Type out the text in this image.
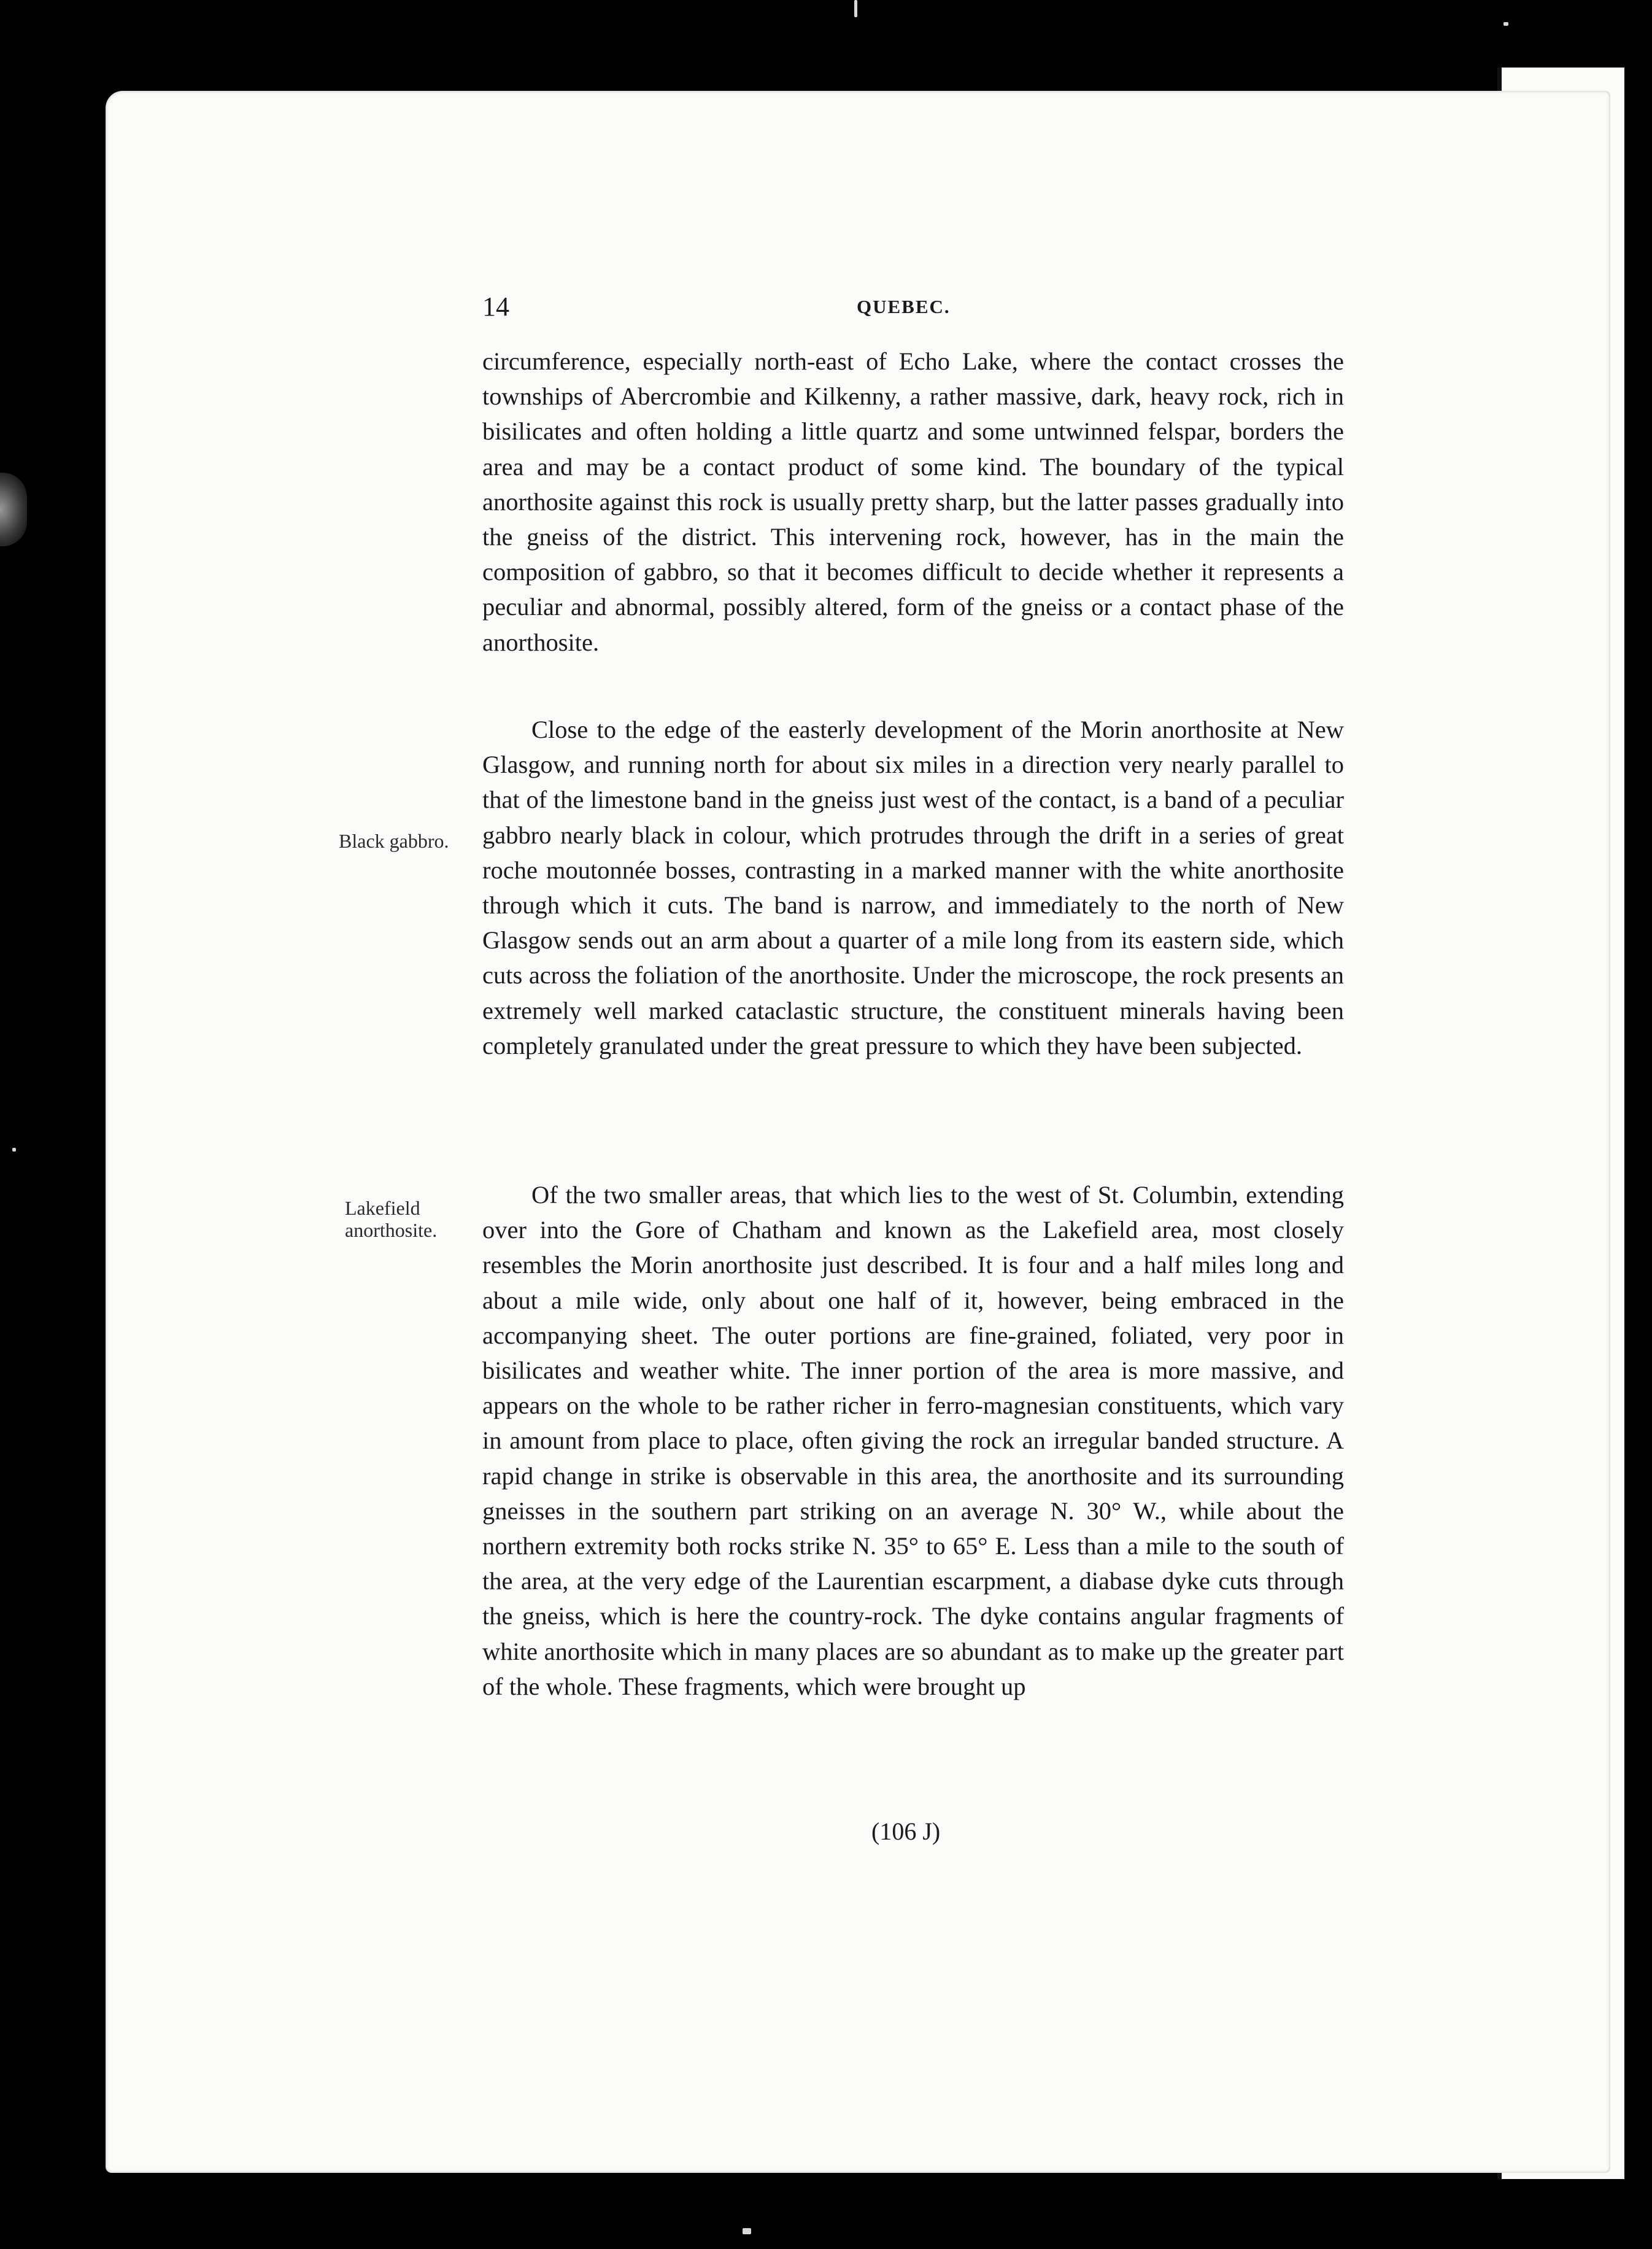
14	QUEBEC.

circumference, especially north-east of Echo Lake, where the contact crosses the townships of Abercrombie and Kilkenny, a rather massive, dark, heavy rock, rich in bisilicates and often holding a little quartz and some untwinned felspar, borders the area and may be a contact product of some kind. The boundary of the typical anorthosite against this rock is usually pretty sharp, but the latter passes gradually into the gneiss of the district. This intervening rock, however, has in the main the composition of gabbro, so that it becomes difficult to decide whether it represents a peculiar and abnormal, possibly altered, form of the gneiss or a contact phase of the anorthosite.

Black gabbro.

Close to the edge of the easterly development of the Morin anorthosite at New Glasgow, and running north for about six miles in a direction very nearly parallel to that of the limestone band in the gneiss just west of the contact, is a band of a peculiar gabbro nearly black in colour, which protrudes through the drift in a series of great roche moutonnée bosses, contrasting in a marked manner with the white anorthosite through which it cuts. The band is narrow, and immediately to the north of New Glasgow sends out an arm about a quarter of a mile long from its eastern side, which cuts across the foliation of the anorthosite. Under the microscope, the rock presents an extremely well marked cataclastic structure, the constituent minerals having been completely granulated under the great pressure to which they have been subjected.

Lakefield
anorthosite.

Of the two smaller areas, that which lies to the west of St. Columbin, extending over into the Gore of Chatham and known as the Lakefield area, most closely resembles the Morin anorthosite just described. It is four and a half miles long and about a mile wide, only about one half of it, however, being embraced in the accompanying sheet. The outer portions are fine-grained, foliated, very poor in bisilicates and weather white. The inner portion of the area is more massive, and appears on the whole to be rather richer in ferro-magnesian constituents, which vary in amount from place to place, often giving the rock an irregular banded structure. A rapid change in strike is observable in this area, the anorthosite and its surrounding gneisses in the southern part striking on an average N. 30° W., while about the northern extremity both rocks strike N. 35° to 65° E. Less than a mile to the south of the area, at the very edge of the Laurentian escarpment, a diabase dyke cuts through the gneiss, which is here the country-rock. The dyke contains angular fragments of white anorthosite which in many places are so abundant as to make up the greater part of the whole. These fragments, which were brought up

(106 J)
